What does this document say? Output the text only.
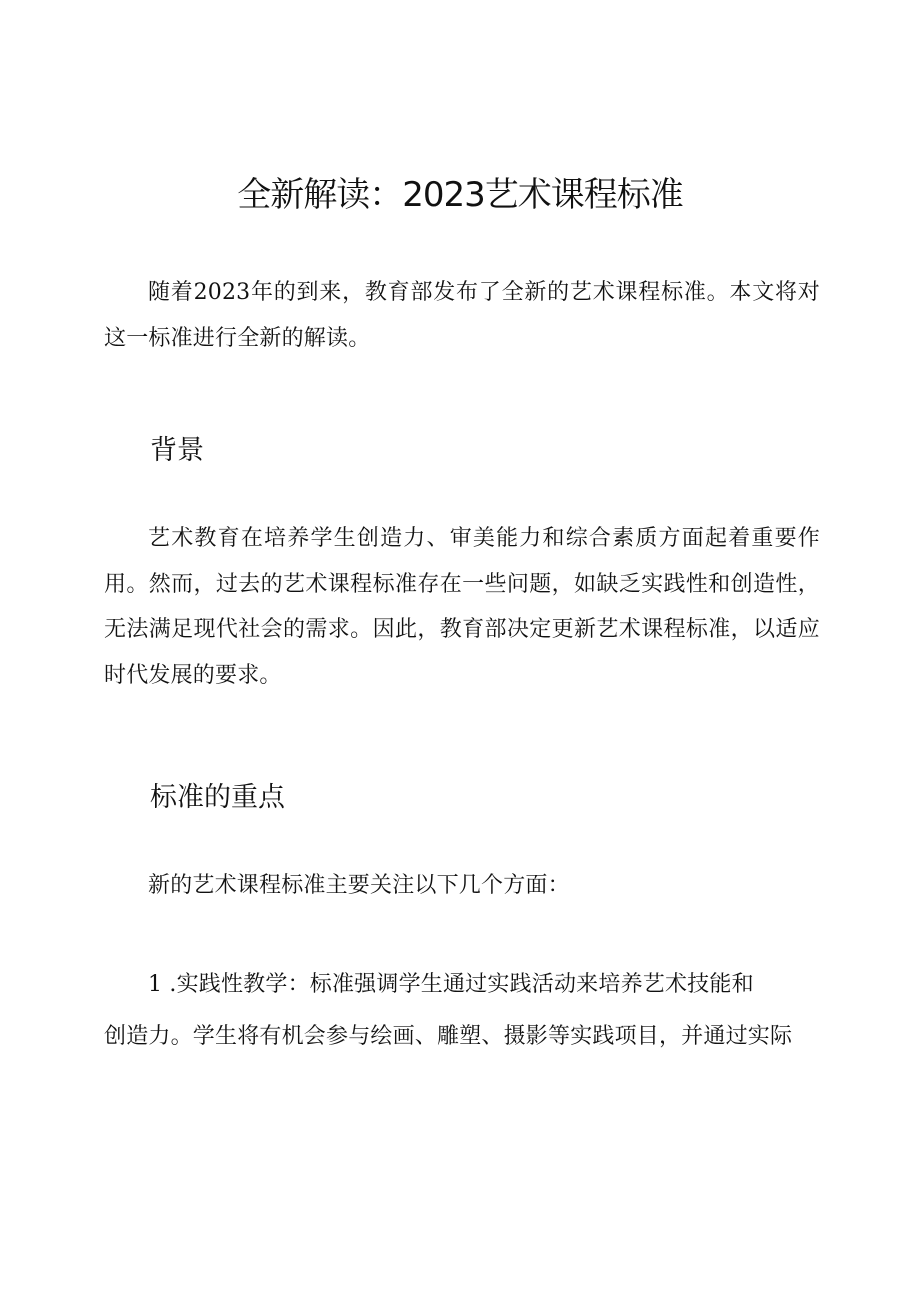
全新解读：2023艺术课程标准

随着2023年的到来，教育部发布了全新的艺术课程标准。本文将对这一标准进行全新的解读。

背景

艺术教育在培养学生创造力、审美能力和综合素质方面起着重要作用。然而，过去的艺术课程标准存在一些问题，如缺乏实践性和创造性，无法满足现代社会的需求。因此，教育部决定更新艺术课程标准，以适应时代发展的要求。

标准的重点

新的艺术课程标准主要关注以下几个方面：

1 .实践性教学：标准强调学生通过实践活动来培养艺术技能和

创造力。学生将有机会参与绘画、雕塑、摄影等实践项目，并通过实际
